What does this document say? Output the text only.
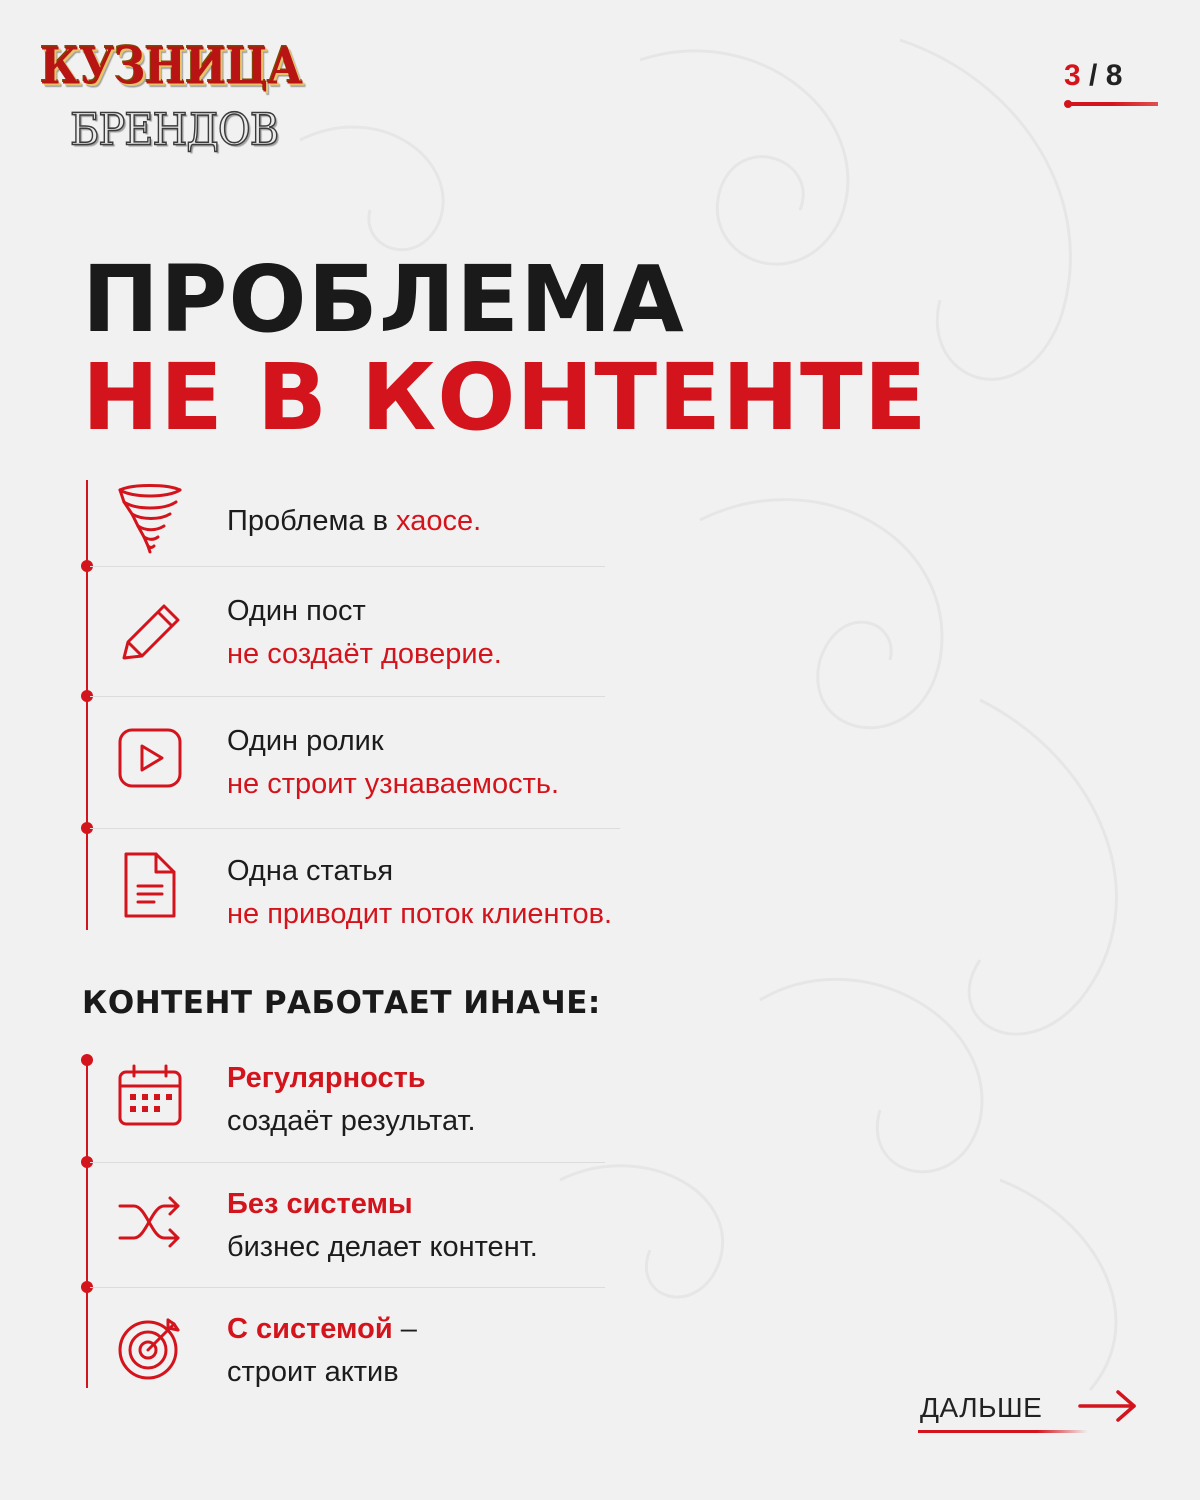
КУЗНИЦА
БРЕНДОВ
3 / 8
ПРОБЛЕМА
НЕ В КОНТЕНТЕ
Проблема в хаосе.
Один пост
не создаёт доверие.
Один ролик
не строит узнаваемость.
Одна статья
не приводит поток клиентов.
КОНТЕНТ РАБОТАЕТ ИНАЧЕ:
Регулярность
создаёт результат.
Без системы
бизнес делает контент.
С системой –
строит актив
ДАЛЬШЕ
